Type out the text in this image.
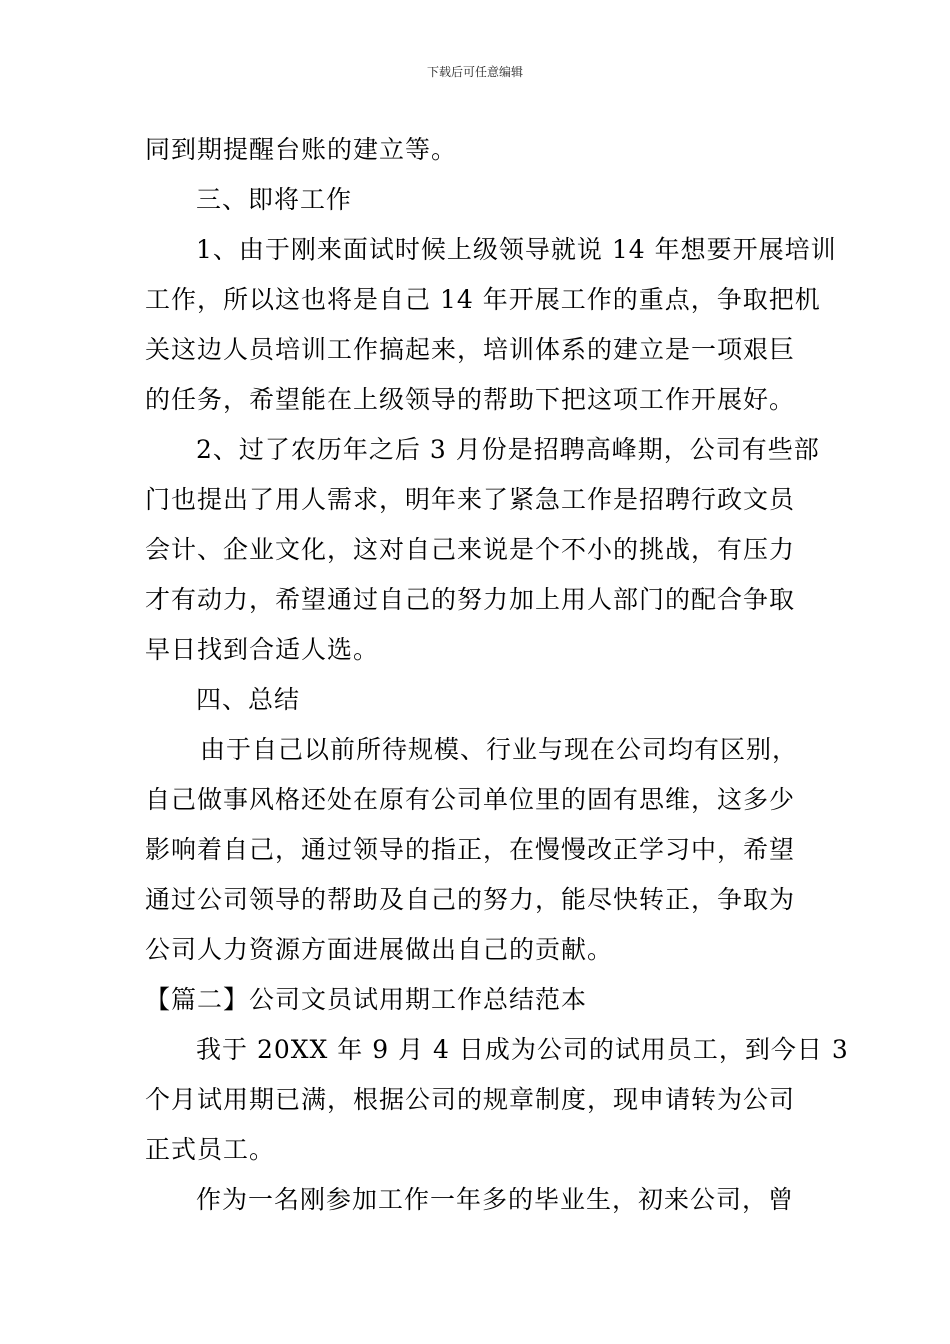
下载后可任意编辑
同到期提醒台账的建立等。
三、即将工作
1、由于刚来面试时候上级领导就说 14 年想要开展培训
工作，所以这也将是自己 14 年开展工作的重点，争取把机
关这边人员培训工作搞起来，培训体系的建立是一项艰巨
的任务，希望能在上级领导的帮助下把这项工作开展好。
2、过了农历年之后 3 月份是招聘高峰期，公司有些部
门也提出了用人需求，明年来了紧急工作是招聘行政文员
会计、企业文化，这对自己来说是个不小的挑战，有压力
才有动力，希望通过自己的努力加上用人部门的配合争取
早日找到合适人选。
四、总结
由于自己以前所待规模、行业与现在公司均有区别，
自己做事风格还处在原有公司单位里的固有思维，这多少
影响着自己，通过领导的指正，在慢慢改正学习中，希望
通过公司领导的帮助及自己的努力，能尽快转正，争取为
公司人力资源方面进展做出自己的贡献。
【篇二】公司文员试用期工作总结范本
我于 20XX 年 9 月 4 日成为公司的试用员工，到今日 3
个月试用期已满，根据公司的规章制度，现申请转为公司
正式员工。
作为一名刚参加工作一年多的毕业生，初来公司，曾
